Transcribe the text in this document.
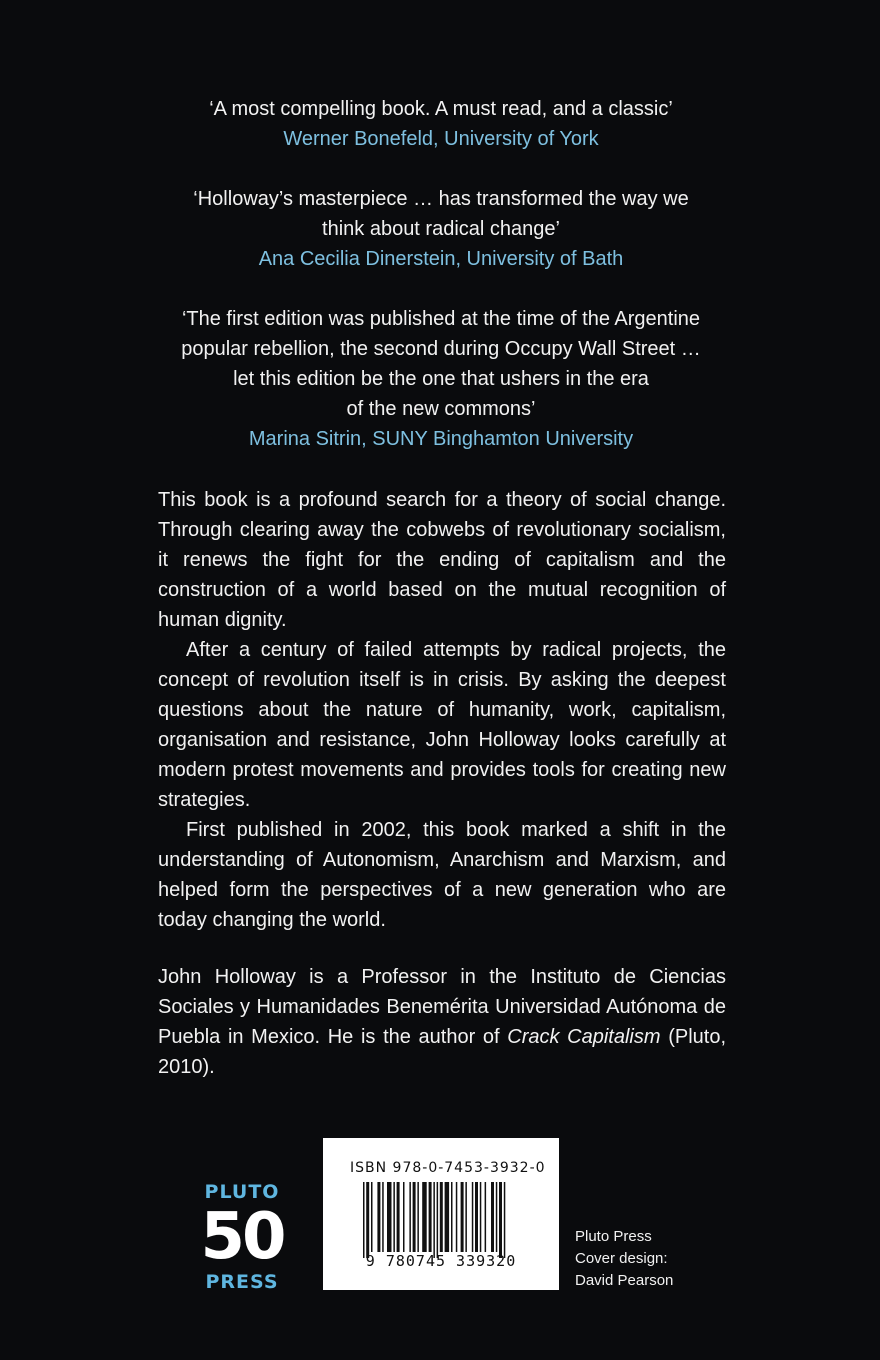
‘A most compelling book. A must read, and a classic’
Werner Bonefeld, University of York
‘Holloway’s masterpiece … has transformed the way we
think about radical change’
Ana Cecilia Dinerstein, University of Bath
‘The first edition was published at the time of the Argentine
popular rebellion, the second during Occupy Wall Street …
let this edition be the one that ushers in the era
of the new commons’
Marina Sitrin, SUNY Binghamton University

This book is a profound search for a theory of social change. Through clearing away the cobwebs of revolutionary socialism, it renews the fight for the ending of capitalism and the construction of a world based on the mutual recognition of human dignity.

After a century of failed attempts by radical projects, the concept of revolution itself is in crisis. By asking the deepest questions about the nature of humanity, work, capitalism, organisation and resistance, John Holloway looks carefully at modern protest movements and provides tools for creating new strategies.

First published in 2002, this book marked a shift in the understanding of Autonomism, Anarchism and Marxism, and helped form the perspectives of a new generation who are today changing the world.

John Holloway is a Professor in the Instituto de Ciencias Sociales y Humanidades Benemérita Universidad Autónoma de Puebla in Mexico. He is the author of Crack Capitalism (Pluto, 2010).
PLUTO
50
PRESS
ISBN 978-0-7453-3932-0
9 780745 339320
Pluto Press
Cover design:
David Pearson
